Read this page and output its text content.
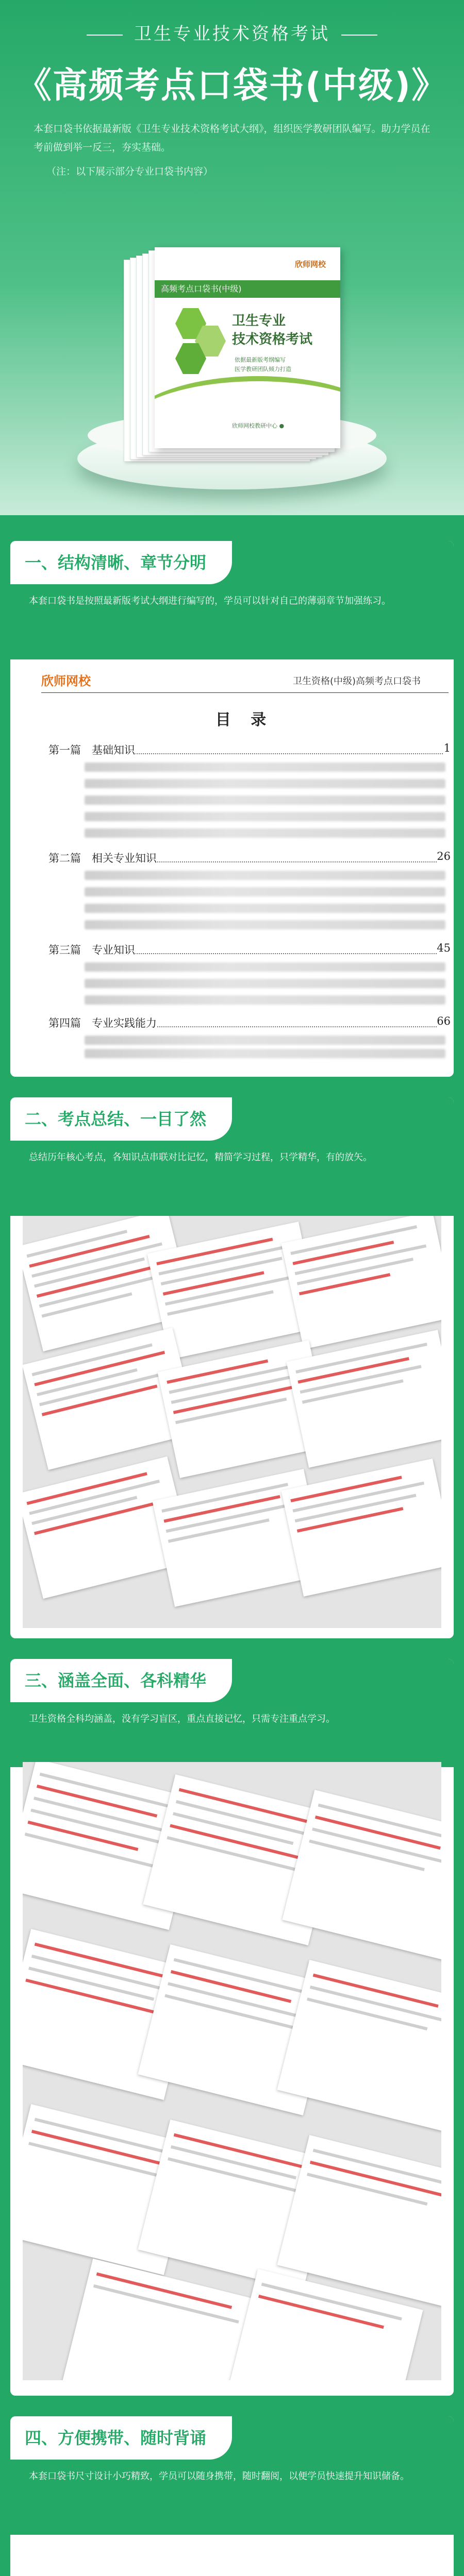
卫生专业技术资格考试
《高频考点口袋书(中级)》
本套口袋书依据最新版《卫生专业技术资格考试大纲》，组织医学教研团队编写。助力学员在考前做到举一反三，夯实基础。
（注：以下展示部分专业口袋书内容）
欣师网校
高频考点口袋书(中级)
卫生专业
技术资格考试
依据最新版考纲编写
医学教研团队倾力打造
欣师网校教研中心 ●
一、结构清晰、章节分明
本套口袋书是按照最新版考试大纲进行编写的，学员可以针对自己的薄弱章节加强练习。
欣师网校	卫生资格(中级)高频考点口袋书
目 录
第一篇　基础知识	1
第二篇　相关专业知识	26
第三篇　专业知识	45
第四篇　专业实践能力	66
二、考点总结、一目了然
总结历年核心考点，各知识点串联对比记忆，精简学习过程，只学精华，有的放矢。
三、涵盖全面、各科精华
卫生资格全科均涵盖，没有学习盲区，重点直接记忆，只需专注重点学习。
四、方便携带、随时背诵
本套口袋书尺寸设计小巧精致，学员可以随身携带，随时翻阅，以便学员快速提升知识储备。
